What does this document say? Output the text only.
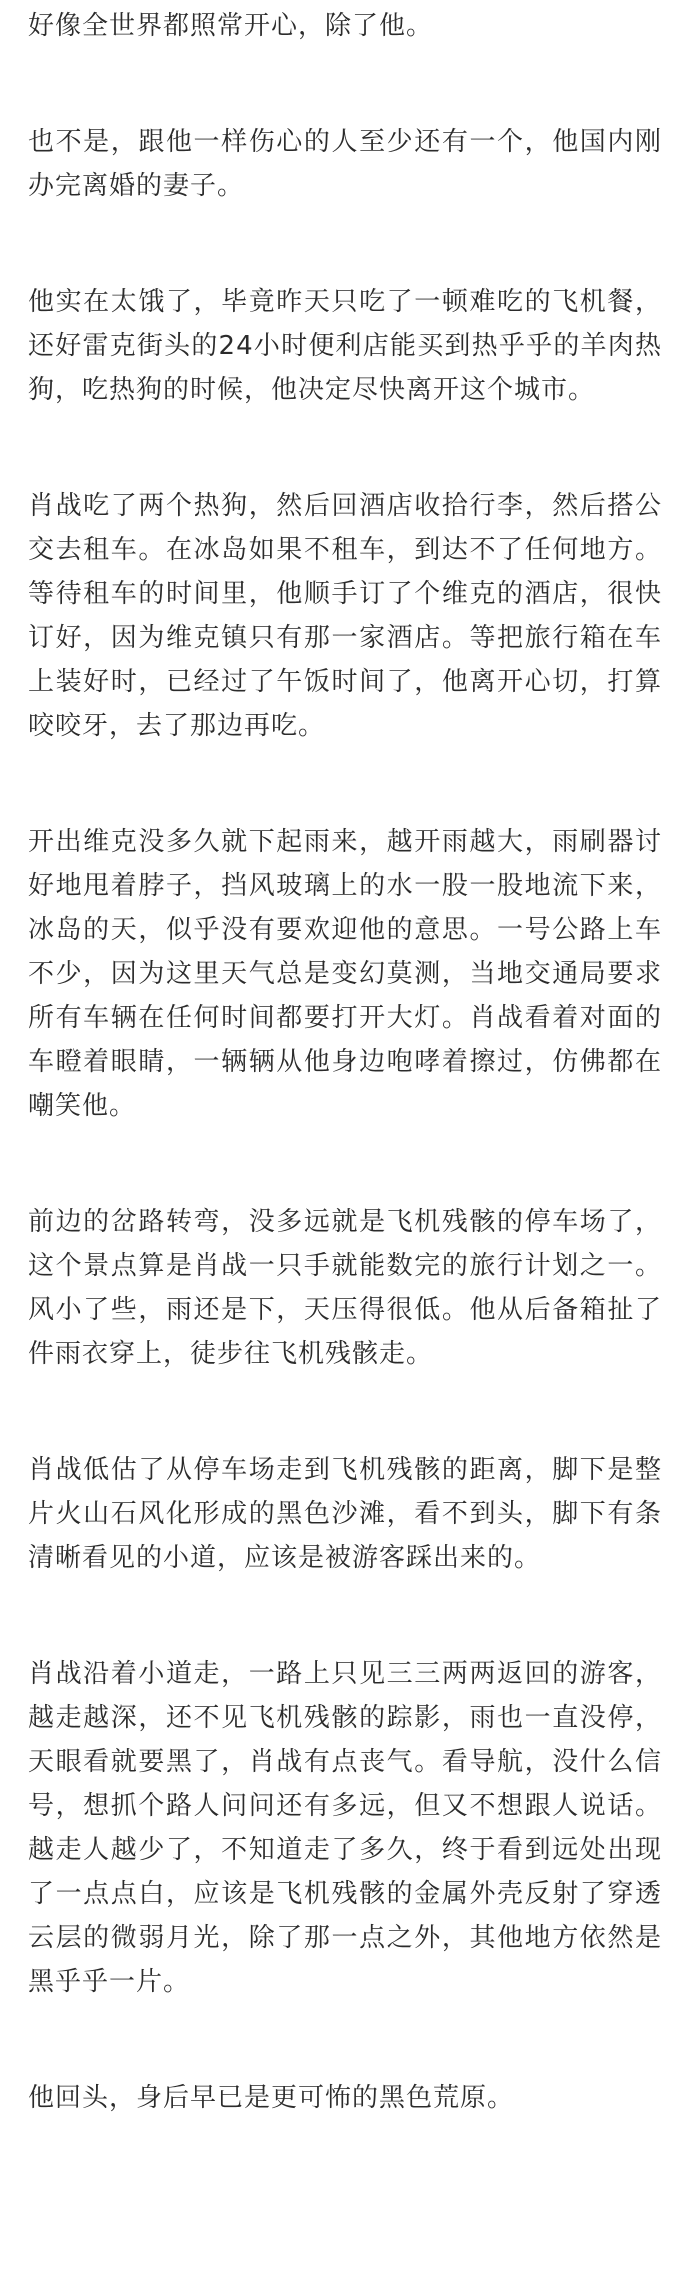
好像全世界都照常开心，除了他。

也不是，跟他一样伤心的人至少还有一个，他国内刚办完离婚的妻子。

他实在太饿了，毕竟昨天只吃了一顿难吃的飞机餐，还好雷克街头的24小时便利店能买到热乎乎的羊肉热狗，吃热狗的时候，他决定尽快离开这个城市。

肖战吃了两个热狗，然后回酒店收拾行李，然后搭公交去租车。在冰岛如果不租车，到达不了任何地方。等待租车的时间里，他顺手订了个维克的酒店，很快订好，因为维克镇只有那一家酒店。等把旅行箱在车上装好时，已经过了午饭时间了，他离开心切，打算咬咬牙，去了那边再吃。

开出维克没多久就下起雨来，越开雨越大，雨刷器讨好地甩着脖子，挡风玻璃上的水一股一股地流下来，冰岛的天，似乎没有要欢迎他的意思。一号公路上车不少，因为这里天气总是变幻莫测，当地交通局要求所有车辆在任何时间都要打开大灯。肖战看着对面的车瞪着眼睛，一辆辆从他身边咆哮着擦过，仿佛都在嘲笑他。

前边的岔路转弯，没多远就是飞机残骸的停车场了，这个景点算是肖战一只手就能数完的旅行计划之一。风小了些，雨还是下，天压得很低。他从后备箱扯了件雨衣穿上，徒步往飞机残骸走。

肖战低估了从停车场走到飞机残骸的距离，脚下是整片火山石风化形成的黑色沙滩，看不到头，脚下有条清晰看见的小道，应该是被游客踩出来的。

肖战沿着小道走，一路上只见三三两两返回的游客，越走越深，还不见飞机残骸的踪影，雨也一直没停，天眼看就要黑了，肖战有点丧气。看导航，没什么信号，想抓个路人问问还有多远，但又不想跟人说话。越走人越少了，不知道走了多久，终于看到远处出现了一点点白，应该是飞机残骸的金属外壳反射了穿透云层的微弱月光，除了那一点之外，其他地方依然是黑乎乎一片。

他回头，身后早已是更可怖的黑色荒原。
